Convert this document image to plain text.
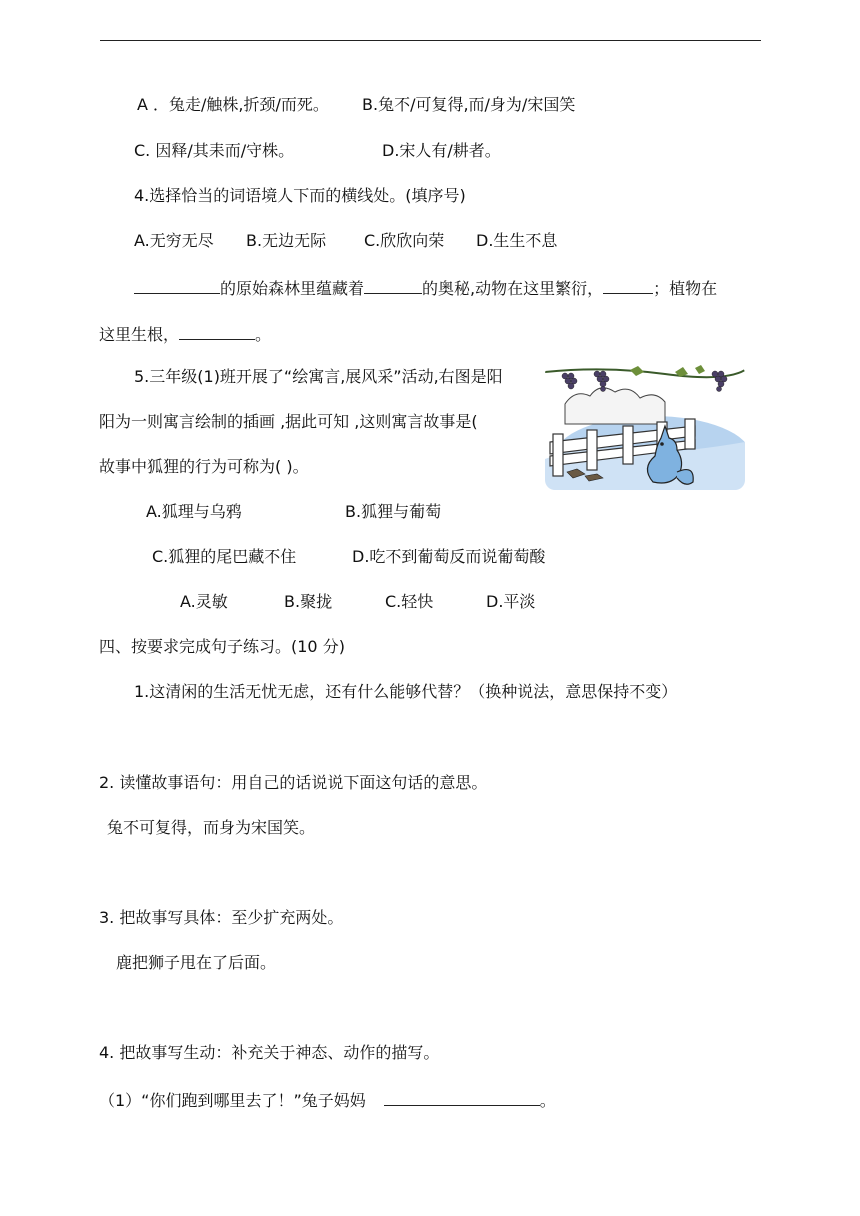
A ．兔走/触株,折颈/而死。 B.兔不/可复得,而/身为/宋国笑
C. 因释/其耒而/守株。	D.宋人有/耕者。
4.选择恰当的词语境人下而的横线处。(填序号)
A.无穷无尽 B.无边无际 C.欣欣向荣 D.生生不息
的原始森林里蕴藏着	的奥秘,动物在这里繁衍，	；植物在
这里生根，	。
5.三年级(1)班开展了“绘寓言,展风采”活动,右图是阳
阳为一则寓言绘制的插画 ,据此可知 ,这则寓言故事是(
故事中狐狸的行为可称为( )。
A.狐理与乌鸦	B.狐狸与葡萄
C.狐狸的尾巴藏不住	D.吃不到葡萄反而说葡萄酸
A.灵敏	B.聚拢	C.轻快	D.平淡
四、按要求完成句子练习。(10 分)
1.这清闲的生活无忧无虑，还有什么能够代替？（换种说法，意思保持不变）
2. 读懂故事语句：用自己的话说说下面这句话的意思。
兔不可复得，而身为宋国笑。
3. 把故事写具体：至少扩充两处。
鹿把狮子甩在了后面。
4. 把故事写生动：补充关于神态、动作的描写。
（1）“你们跑到哪里去了！”兔子妈妈	。
